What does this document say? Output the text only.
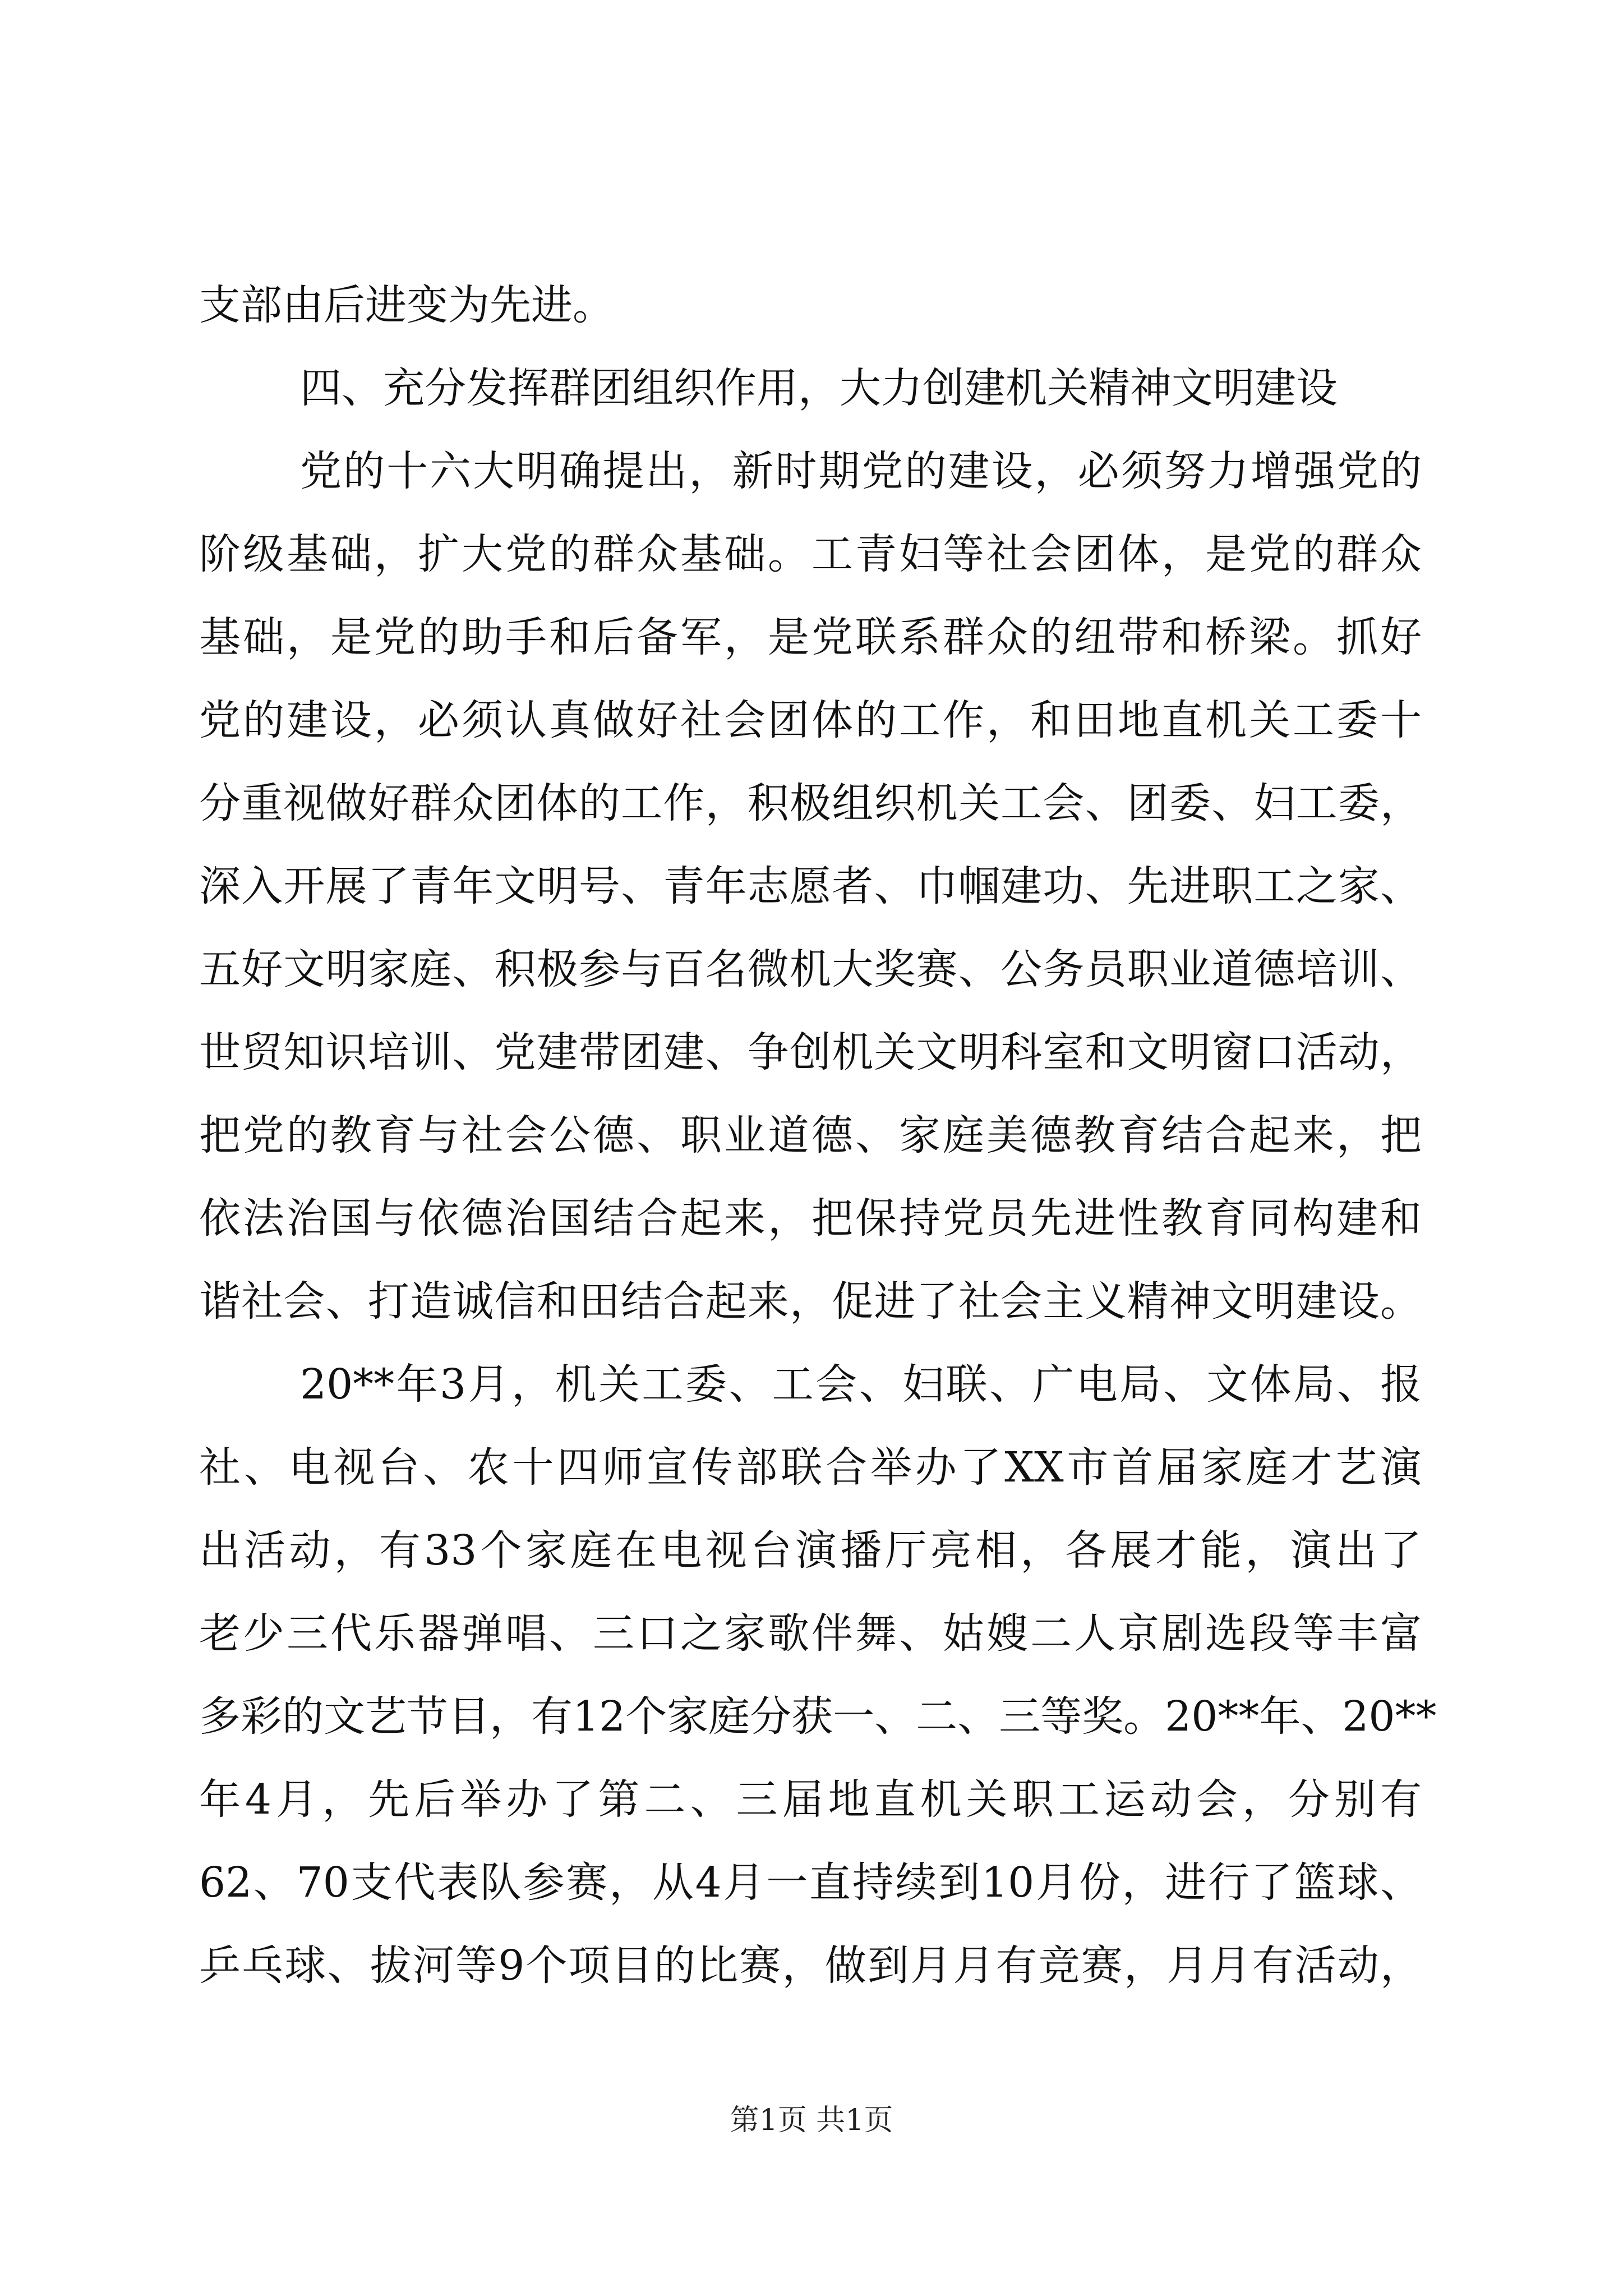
支部由后进变为先进。
四、充分发挥群团组织作用，大力创建机关精神文明建设
党的十六大明确提出，新时期党的建设，必须努力增强党的
阶级基础，扩大党的群众基础。工青妇等社会团体，是党的群众
基础，是党的助手和后备军，是党联系群众的纽带和桥梁。抓好
党的建设，必须认真做好社会团体的工作，和田地直机关工委十
分重视做好群众团体的工作，积极组织机关工会、团委、妇工委，
深入开展了青年文明号、青年志愿者、巾帼建功、先进职工之家、
五好文明家庭、积极参与百名微机大奖赛、公务员职业道德培训、
世贸知识培训、党建带团建、争创机关文明科室和文明窗口活动，
把党的教育与社会公德、职业道德、家庭美德教育结合起来，把
依法治国与依德治国结合起来，把保持党员先进性教育同构建和
谐社会、打造诚信和田结合起来，促进了社会主义精神文明建设。
20**年3月，机关工委、工会、妇联、广电局、文体局、报
社、电视台、农十四师宣传部联合举办了XX市首届家庭才艺演
出活动，有33个家庭在电视台演播厅亮相，各展才能，演出了
老少三代乐器弹唱、三口之家歌伴舞、姑嫂二人京剧选段等丰富
多彩的文艺节目，有12个家庭分获一、二、三等奖。20**年、20**
年4月，先后举办了第二、三届地直机关职工运动会，分别有
62、70支代表队参赛，从4月一直持续到10月份，进行了篮球、
乒乓球、拔河等9个项目的比赛，做到月月有竞赛，月月有活动，
第1页 共1页
